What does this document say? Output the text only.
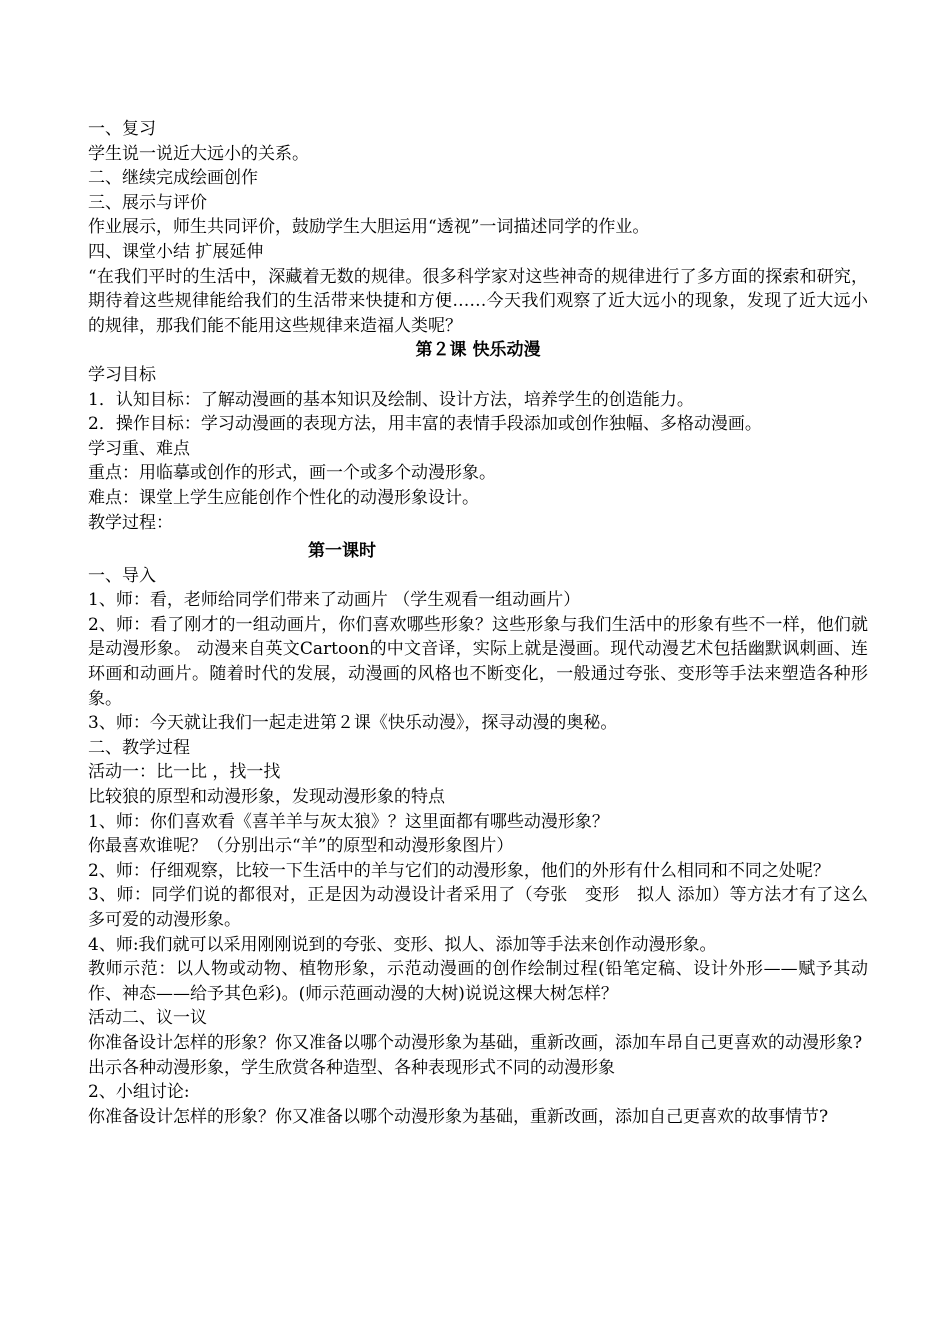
一、复习

学生说一说近大远小的关系。

二、继续完成绘画创作

三、展示与评价

作业展示，师生共同评价，鼓励学生大胆运用“透视”一词描述同学的作业。

四、课堂小结 扩展延伸

“在我们平时的生活中，深藏着无数的规律。很多科学家对这些神奇的规律进行了多方面的探索和研究，期待着这些规律能给我们的生活带来快捷和方便……今天我们观察了近大远小的现象，发现了近大远小的规律，那我们能不能用这些规律来造福人类呢？

第２课 快乐动漫

学习目标

1．认知目标：了解动漫画的基本知识及绘制、设计方法，培养学生的创造能力。

2．操作目标：学习动漫画的表现方法，用丰富的表情手段添加或创作独幅、多格动漫画。

学习重、难点

重点：用临摹或创作的形式，画一个或多个动漫形象。

难点：课堂上学生应能创作个性化的动漫形象设计。

教学过程：

第一课时

一、导入

1、师：看，老师给同学们带来了动画片 （学生观看一组动画片）

2、师：看了刚才的一组动画片，你们喜欢哪些形象？这些形象与我们生活中的形象有些不一样，他们就是动漫形象。 动漫来自英文Cartoon的中文音译，实际上就是漫画。现代动漫艺术包括幽默讽刺画、连环画和动画片。随着时代的发展，动漫画的风格也不断变化，一般通过夸张、变形等手法来塑造各种形象。

3、师：今天就让我们一起走进第２课《快乐动漫》，探寻动漫的奥秘。

二、教学过程

活动一：比一比 ，找一找

比较狼的原型和动漫形象，发现动漫形象的特点

1、师：你们喜欢看《喜羊羊与灰太狼》？这里面都有哪些动漫形象？

你最喜欢谁呢？（分别出示“羊”的原型和动漫形象图片）

2、师：仔细观察，比较一下生活中的羊与它们的动漫形象，他们的外形有什么相同和不同之处呢？

3、师：同学们说的都很对，正是因为动漫设计者采用了（夸张　变形　拟人 添加）等方法才有了这么多可爱的动漫形象。

4、师:我们就可以采用刚刚说到的夸张、变形、拟人、添加等手法来创作动漫形象。

教师示范：以人物或动物、植物形象，示范动漫画的创作绘制过程(铅笔定稿、设计外形——赋予其动作、神态——给予其色彩)。(师示范画动漫的大树)说说这棵大树怎样？

活动二、议一议

你准备设计怎样的形象？你又准备以哪个动漫形象为基础，重新改画，添加车昂自己更喜欢的动漫形象?

出示各种动漫形象，学生欣赏各种造型、各种表现形式不同的动漫形象

2、小组讨论:

你准备设计怎样的形象？你又准备以哪个动漫形象为基础，重新改画，添加自己更喜欢的故事情节?
